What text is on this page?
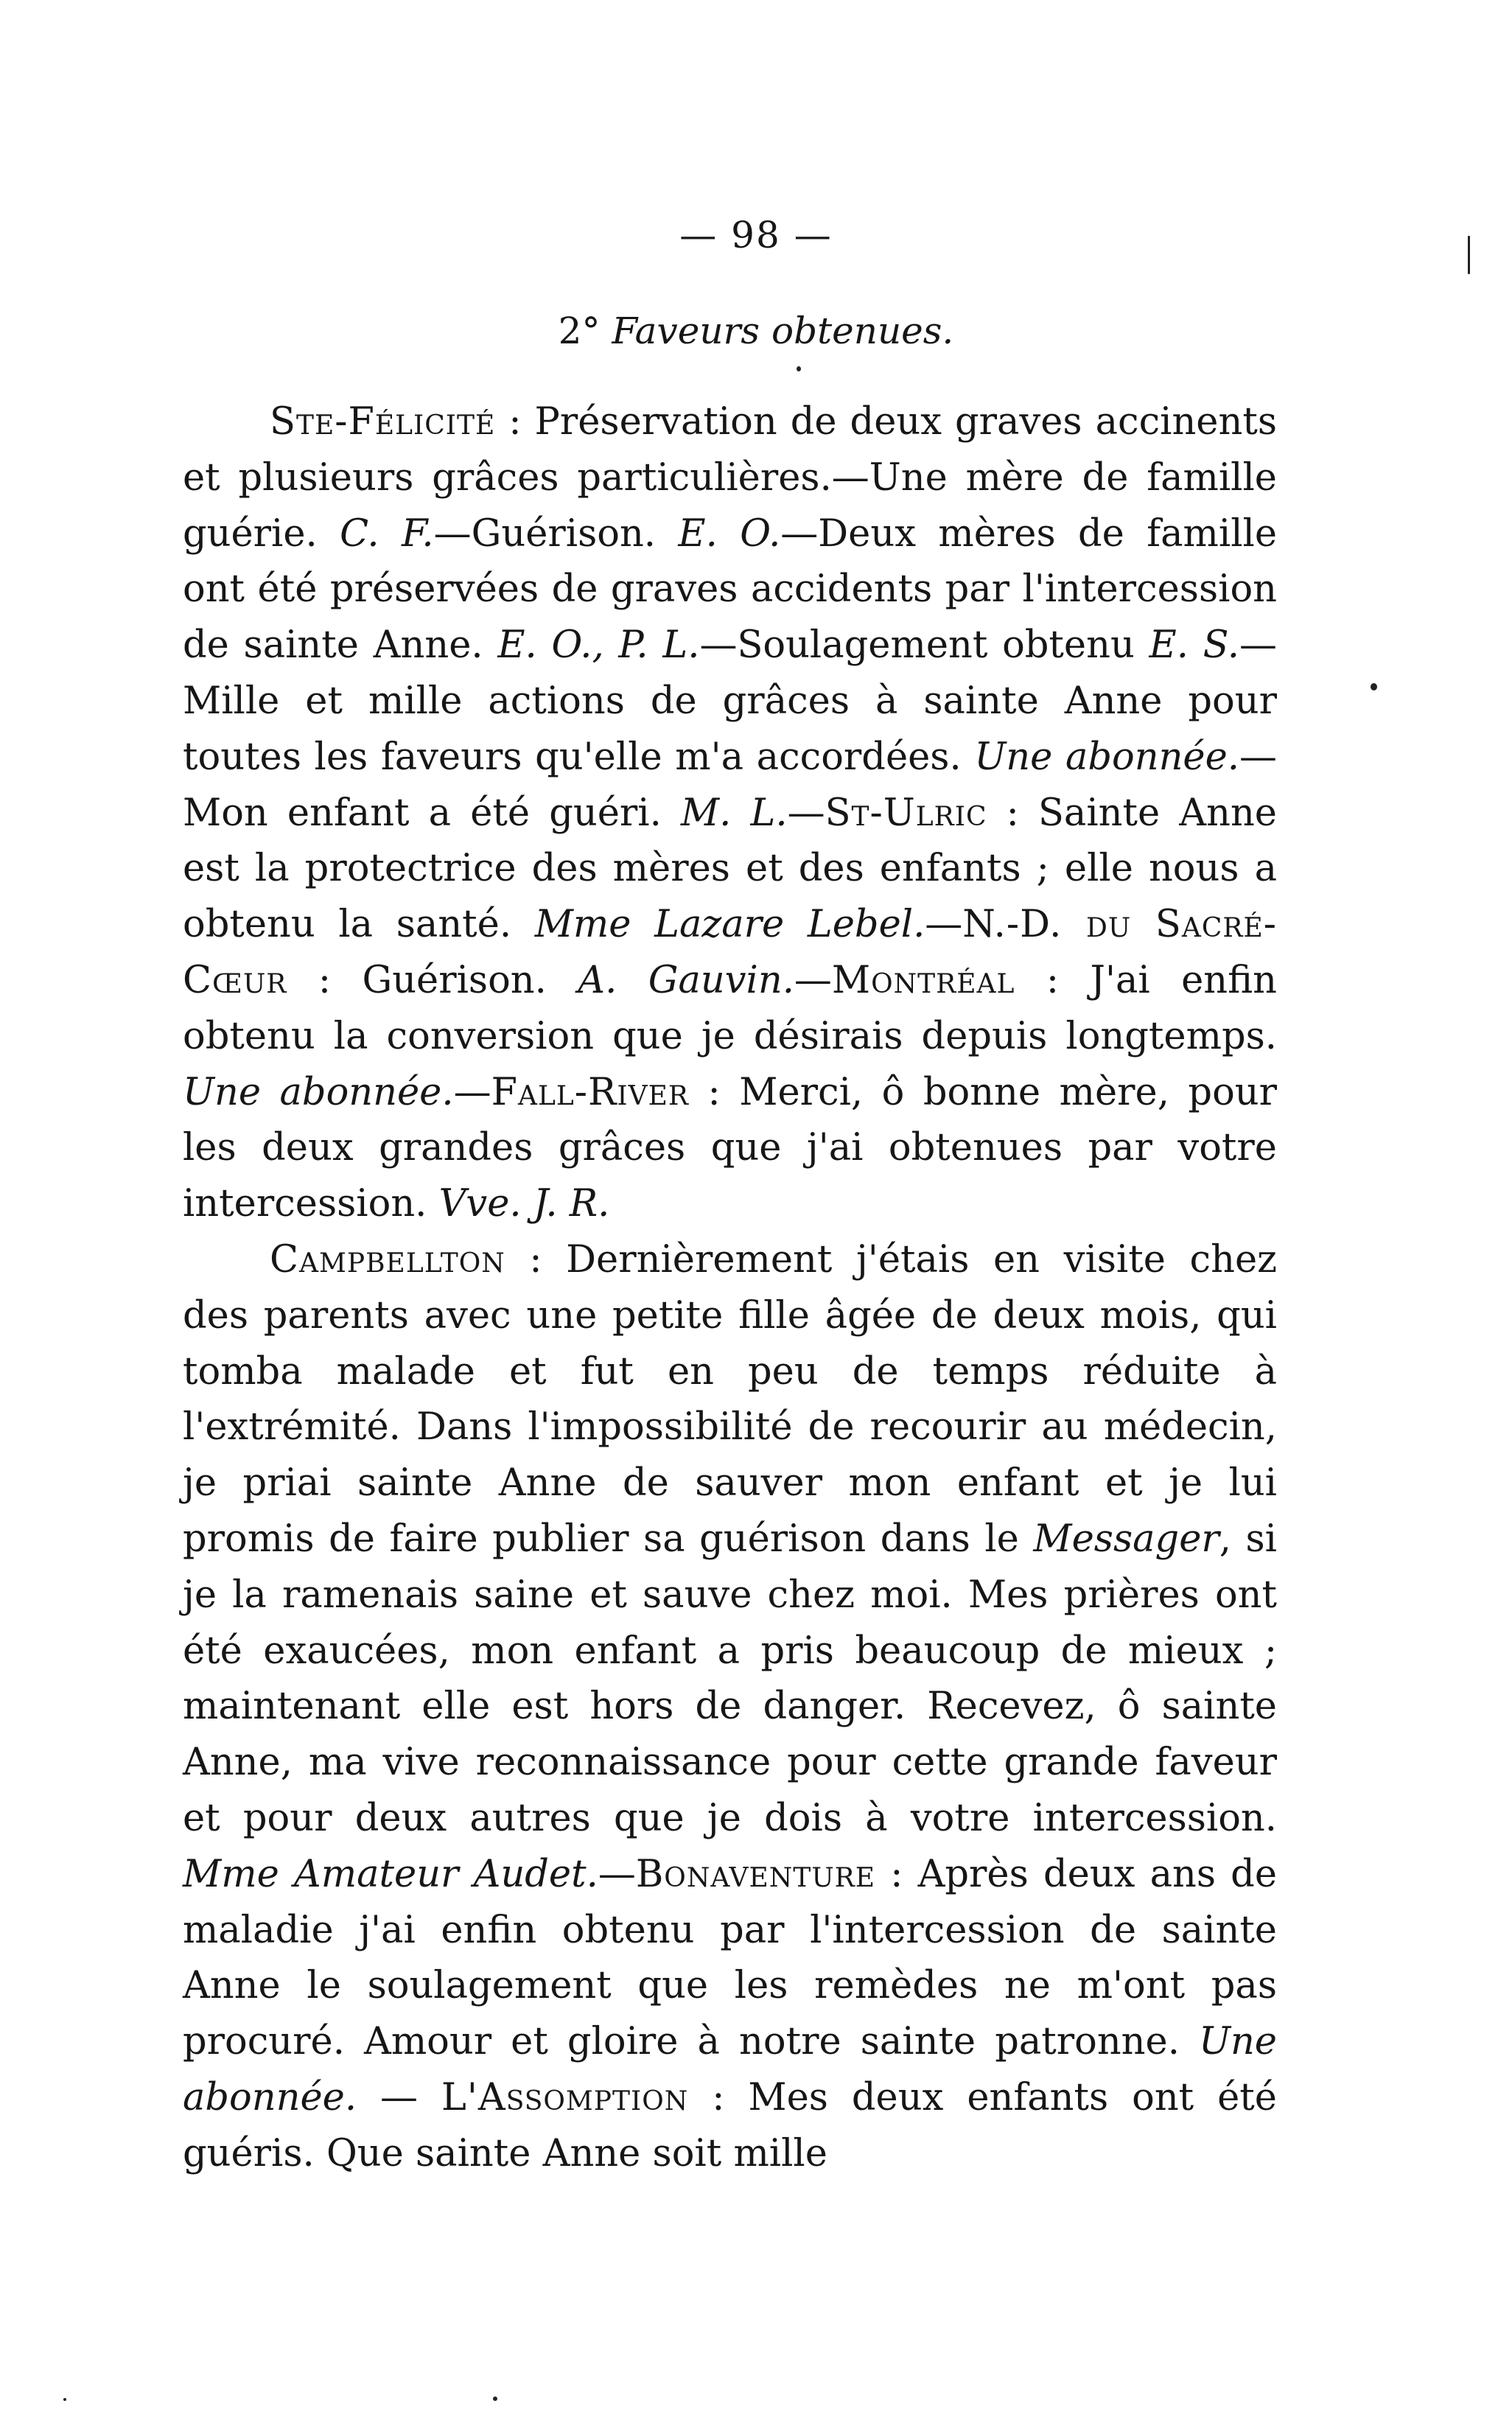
— 98 —
2° Faveurs obtenues.

Ste-Félicité : Préservation de deux graves accinents et plusieurs grâces particulières.—Une mère de famille guérie. C. F.—Guérison. E. O.—Deux mères de famille ont été préservées de graves accidents par l'intercession de sainte Anne. E. O., P. L.—Soulagement obtenu E. S.—Mille et mille actions de grâces à sainte Anne pour toutes les faveurs qu'elle m'a accordées. Une abonnée.—Mon enfant a été guéri. M. L.—St-Ulric : Sainte Anne est la protectrice des mères et des enfants ; elle nous a obtenu la santé. Mme Lazare Lebel.—N.-D. du Sacré-Cœur : Guérison. A. Gauvin.—Montréal : J'ai enfin obtenu la conversion que je désirais depuis longtemps. Une abonnée.—Fall-River : Merci, ô bonne mère, pour les deux grandes grâces que j'ai obtenues par votre intercession. Vve. J. R.

Campbellton : Dernièrement j'étais en visite chez des parents avec une petite fille âgée de deux mois, qui tomba malade et fut en peu de temps réduite à l'extrémité. Dans l'impossibilité de recourir au médecin, je priai sainte Anne de sauver mon enfant et je lui promis de faire publier sa guérison dans le Messager, si je la ramenais saine et sauve chez moi. Mes prières ont été exaucées, mon enfant a pris beaucoup de mieux ; maintenant elle est hors de danger. Recevez, ô sainte Anne, ma vive reconnaissance pour cette grande faveur et pour deux autres que je dois à votre intercession. Mme Amateur Audet.—Bonaventure : Après deux ans de maladie j'ai enfin obtenu par l'intercession de sainte Anne le soulagement que les remèdes ne m'ont pas procuré. Amour et gloire à notre sainte patronne. Une abonnée. — L'Assomption : Mes deux enfants ont été guéris. Que sainte Anne soit mille
